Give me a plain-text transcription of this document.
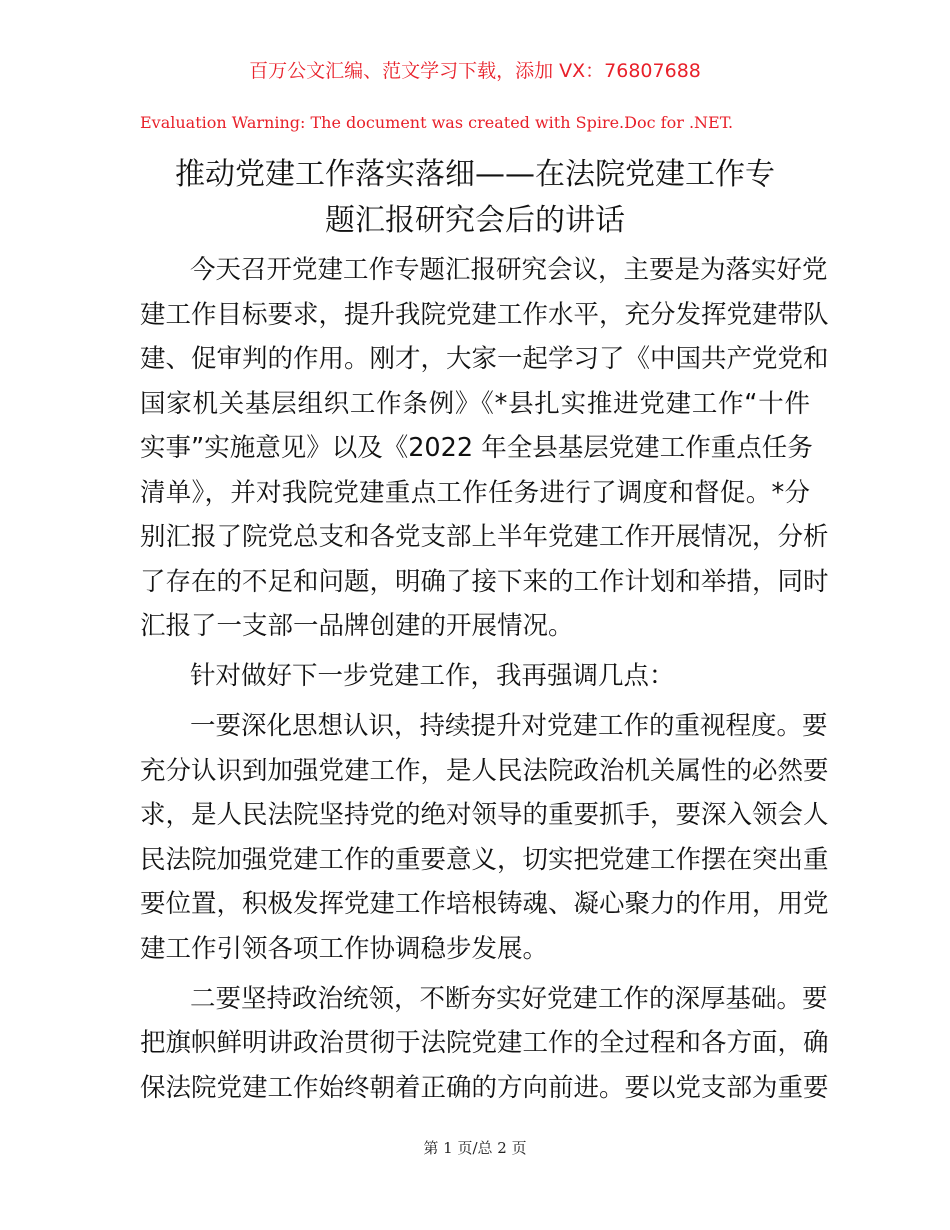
百万公文汇编、范文学习下载，添加 VX：76807688
Evaluation Warning: The document was created with Spire.Doc for .NET.
推动党建工作落实落细——在法院党建工作专
题汇报研究会后的讲话
今天召开党建工作专题汇报研究会议，主要是为落实好党
建工作目标要求，提升我院党建工作水平，充分发挥党建带队
建、促审判的作用。刚才，大家一起学习了《中国共产党党和
国家机关基层组织工作条例》《*县扎实推进党建工作“十件
实事”实施意见》以及《2022 年全县基层党建工作重点任务
清单》，并对我院党建重点工作任务进行了调度和督促。*分
别汇报了院党总支和各党支部上半年党建工作开展情况，分析
了存在的不足和问题，明确了接下来的工作计划和举措，同时
汇报了一支部一品牌创建的开展情况。
针对做好下一步党建工作，我再强调几点：
一要深化思想认识，持续提升对党建工作的重视程度。要
充分认识到加强党建工作，是人民法院政治机关属性的必然要
求，是人民法院坚持党的绝对领导的重要抓手，要深入领会人
民法院加强党建工作的重要意义，切实把党建工作摆在突出重
要位置，积极发挥党建工作培根铸魂、凝心聚力的作用，用党
建工作引领各项工作协调稳步发展。
二要坚持政治统领，不断夯实好党建工作的深厚基础。要
把旗帜鲜明讲政治贯彻于法院党建工作的全过程和各方面，确
保法院党建工作始终朝着正确的方向前进。要以党支部为重要
第 1 页/总 2 页
